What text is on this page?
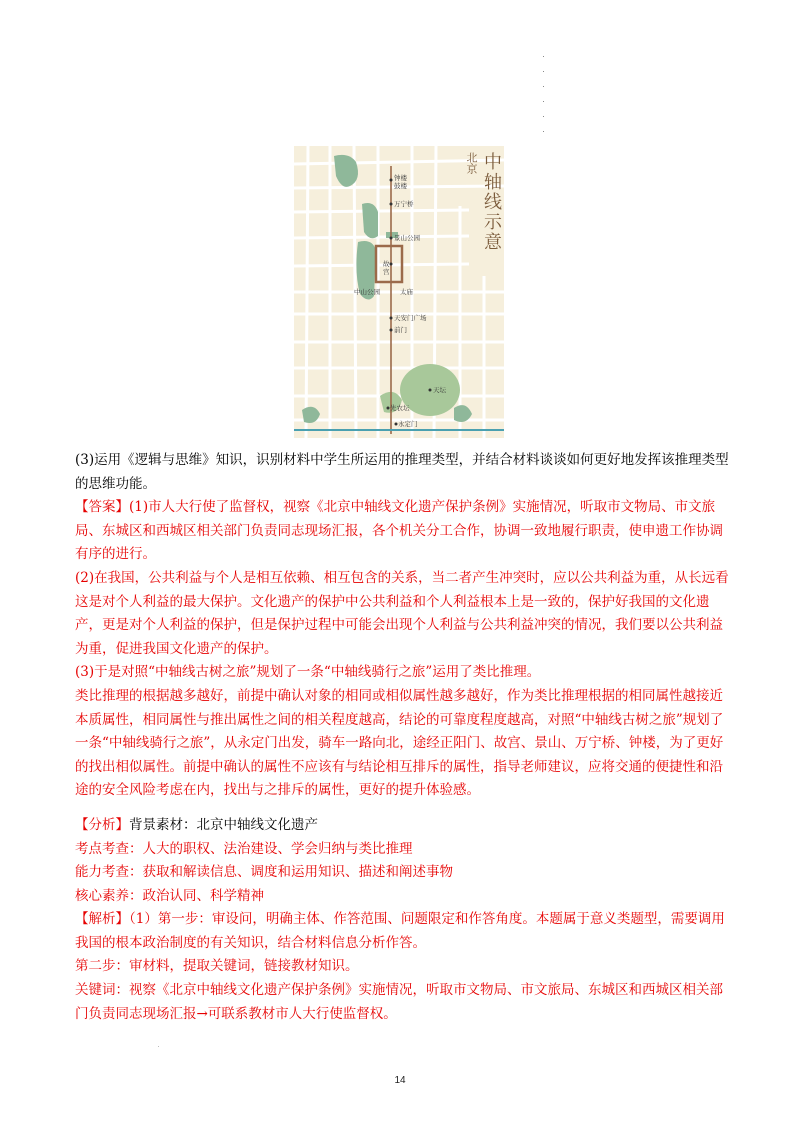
中轴线示意
北京
钟楼 鼓楼
万宁桥
景山公园
故宫
中山公园	太庙
天安门广场
前门
天坛
先农坛
永定门
(3)运用《逻辑与思维》知识，识别材料中学生所运用的推理类型，并结合材料谈谈如何更好地发挥该推理类型的思维功能。
【答案】(1)市人大行使了监督权，视察《北京中轴线文化遗产保护条例》实施情况，听取市文物局、市文旅局、东城区和西城区相关部门负责同志现场汇报，各个机关分工合作，协调一致地履行职责，使申遗工作协调有序的进行。
(2)在我国，公共利益与个人是相互依赖、相互包含的关系，当二者产生冲突时，应以公共利益为重，从长远看这是对个人利益的最大保护。文化遗产的保护中公共利益和个人利益根本上是一致的，保护好我国的文化遗产，更是对个人利益的保护，但是保护过程中可能会出现个人利益与公共利益冲突的情况，我们要以公共利益为重，促进我国文化遗产的保护。
(3)于是对照“中轴线古树之旅”规划了一条“中轴线骑行之旅”运用了类比推理。
类比推理的根据越多越好，前提中确认对象的相同或相似属性越多越好，作为类比推理根据的相同属性越接近本质属性，相同属性与推出属性之间的相关程度越高，结论的可靠度程度越高，对照“中轴线古树之旅”规划了一条“中轴线骑行之旅”，从永定门出发，骑车一路向北，途经正阳门、故宫、景山、万宁桥、钟楼，为了更好的找出相似属性。前提中确认的属性不应该有与结论相互排斥的属性，指导老师建议，应将交通的便捷性和沿途的安全风险考虑在内，找出与之排斥的属性，更好的提升体验感。
【分析】背景素材：北京中轴线文化遗产
考点考查：人大的职权、法治建设、学会归纳与类比推理
能力考查：获取和解读信息、调度和运用知识、描述和阐述事物
核心素养：政治认同、科学精神
【解析】（1）第一步：审设问，明确主体、作答范围、问题限定和作答角度。本题属于意义类题型，需要调用我国的根本政治制度的有关知识，结合材料信息分析作答。
第二步：审材料，提取关键词，链接教材知识。
关键词：视察《北京中轴线文化遗产保护条例》实施情况，听取市文物局、市文旅局、东城区和西城区相关部门负责同志现场汇报→可联系教材市人大行使监督权。
14
